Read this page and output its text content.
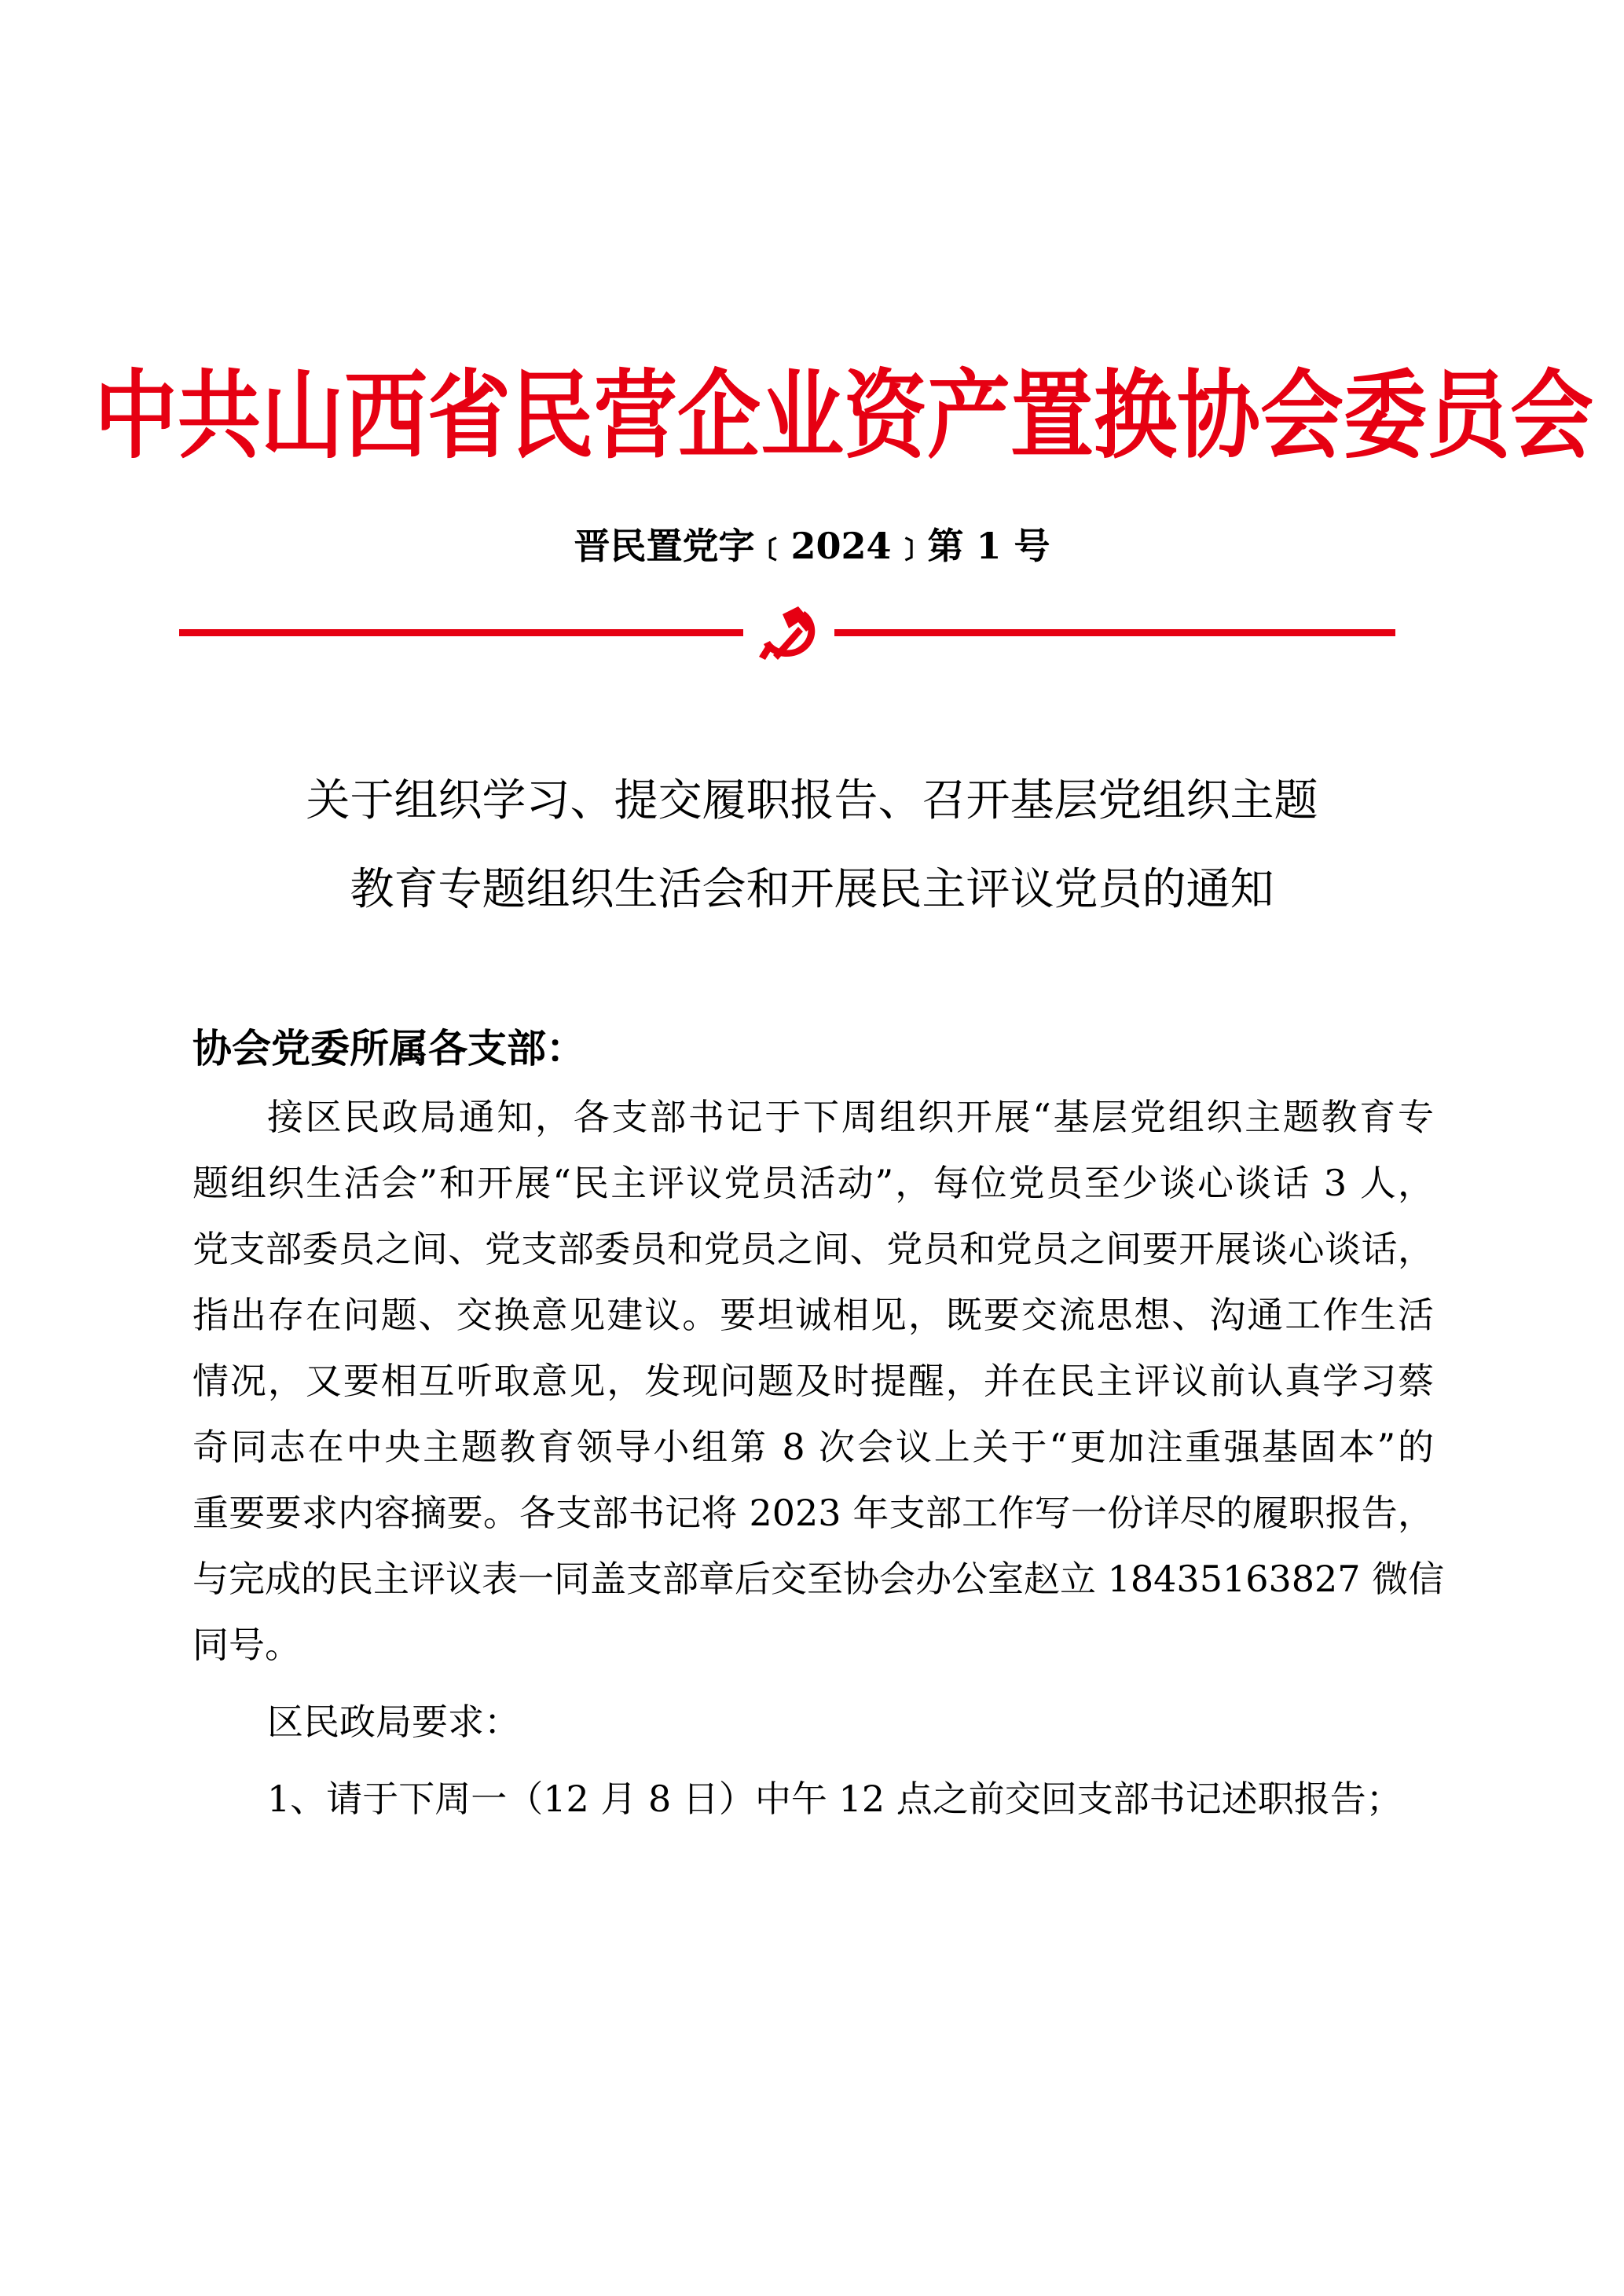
中共山西省民营企业资产置换协会委员会
晋民置党字﹝2024﹞第 1 号
关于组织学习、提交履职报告、召开基层党组织主题
教育专题组织生活会和开展民主评议党员的通知
协会党委所属各支部：
接区民政局通知，各支部书记于下周组织开展“基层党组织主题教育专
题组织生活会”和开展“民主评议党员活动”，每位党员至少谈心谈话 3 人，
党支部委员之间、党支部委员和党员之间、党员和党员之间要开展谈心谈话，
指出存在问题、交换意见建议。要坦诚相见，既要交流思想、沟通工作生活
情况，又要相互听取意见，发现问题及时提醒，并在民主评议前认真学习蔡
奇同志在中央主题教育领导小组第 8 次会议上关于“更加注重强基固本”的
重要要求内容摘要。各支部书记将 2023 年支部工作写一份详尽的履职报告，
与完成的民主评议表一同盖支部章后交至协会办公室赵立 18435163827 微信
同号。
区民政局要求：
1、请于下周一（12 月 8 日）中午 12 点之前交回支部书记述职报告；
